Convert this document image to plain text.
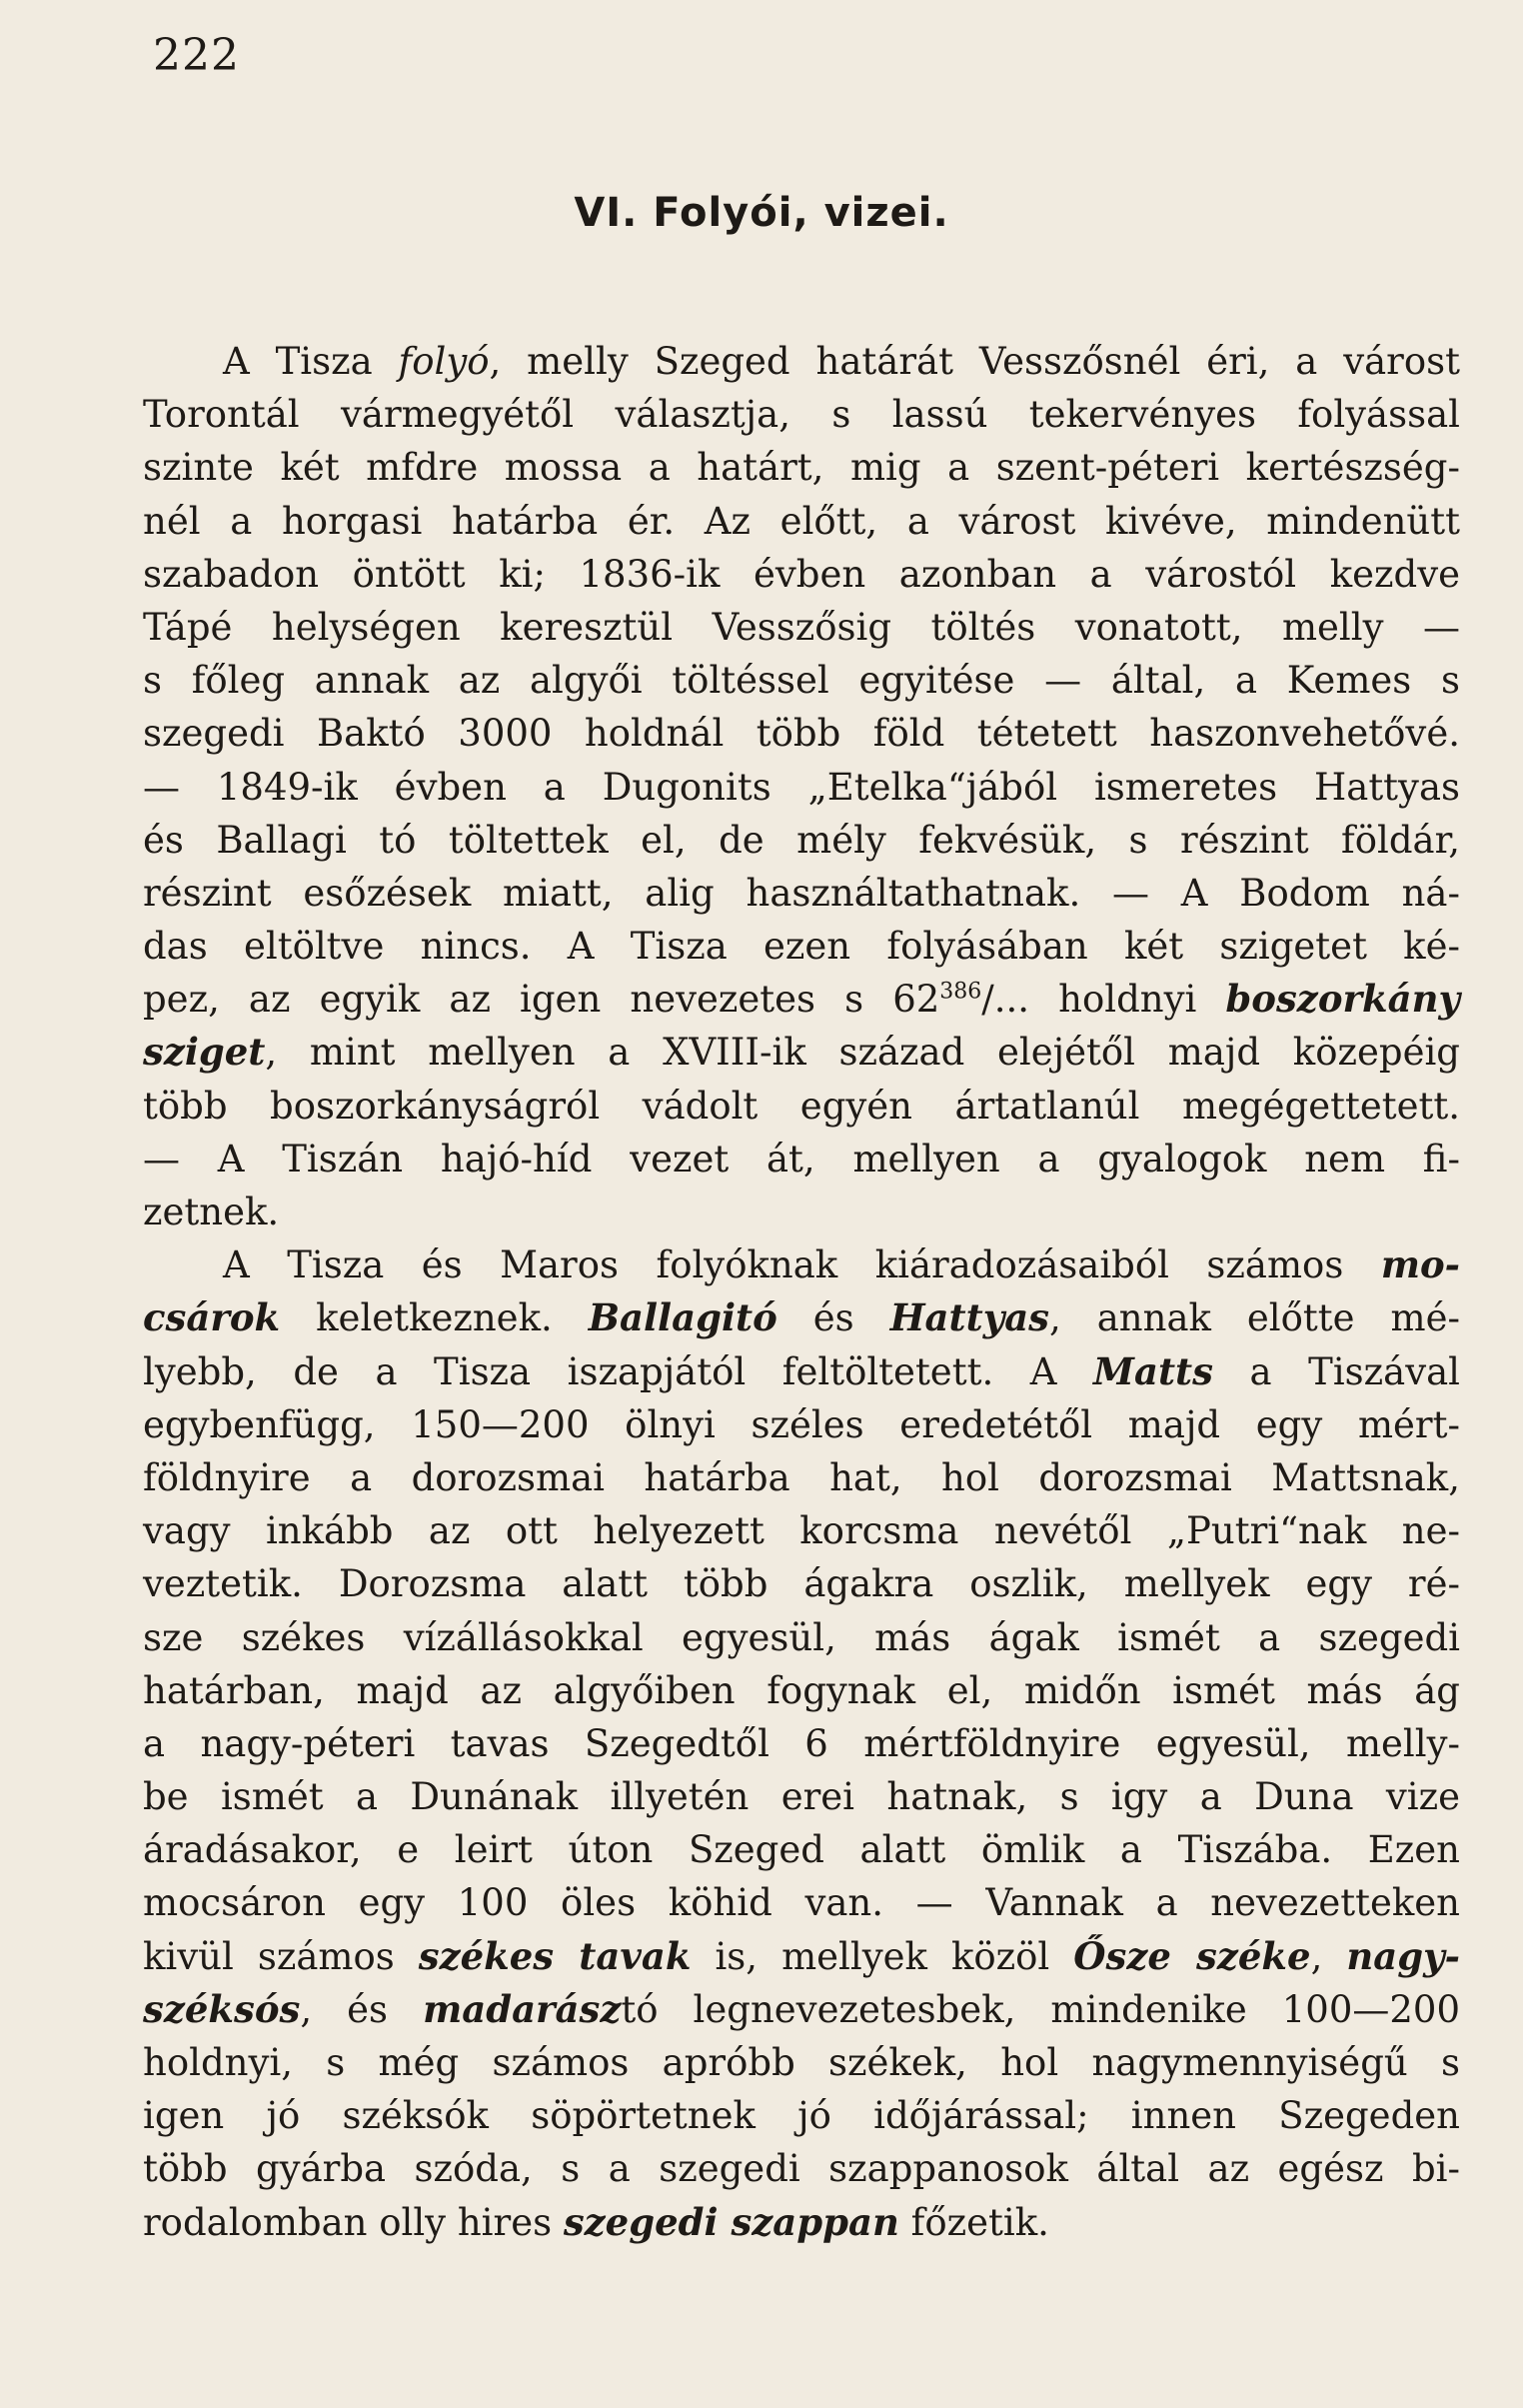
222
VI. Folyói, vizei.
A Tisza folyó, melly Szeged határát Vesszősnél éri, a várost
Torontál vármegyétől választja, s lassú tekervényes folyással
szinte két mfdre mossa a határt, mig a szent-péteri kertészség-
nél a horgasi határba ér. Az előtt, a várost kivéve, mindenütt
szabadon öntött ki; 1836-ik évben azonban a várostól kezdve
Tápé helységen keresztül Vesszősig töltés vonatott, melly —
s főleg annak az algyői töltéssel egyitése — által, a Kemes s
szegedi Baktó 3000 holdnál több föld tétetett haszonvehetővé.
— 1849-ik évben a Dugonits „Etelka“jából ismeretes Hattyas
és Ballagi tó töltettek el, de mély fekvésük, s részint földár,
részint esőzések miatt, alig használtathatnak. — A Bodom ná-
das eltöltve nincs. A Tisza ezen folyásában két szigetet ké-
pez, az egyik az igen nevezetes s $62^{386}/$... holdnyi boszorkány
sziget, mint mellyen a XVIII-ik század elejétől majd közepéig
több boszorkányságról vádolt egyén ártatlanúl megégettetett.
— A Tiszán hajó-híd vezet át, mellyen a gyalogok nem fi-
zetnek.
A Tisza és Maros folyóknak kiáradozásaiból számos mo-
csárok keletkeznek. Ballagitó és Hattyas, annak előtte mé-
lyebb, de a Tisza iszapjától feltöltetett. A Matts a Tiszával
egybenfügg, 150—200 ölnyi széles eredetétől majd egy mért-
földnyire a dorozsmai határba hat, hol dorozsmai Mattsnak,
vagy inkább az ott helyezett korcsma nevétől „Putri“nak ne-
veztetik. Dorozsma alatt több ágakra oszlik, mellyek egy ré-
sze székes vízállásokkal egyesül, más ágak ismét a szegedi
határban, majd az algyőiben fogynak el, midőn ismét más ág
a nagy-péteri tavas Szegedtől 6 mértföldnyire egyesül, melly-
be ismét a Dunának illyetén erei hatnak, s igy a Duna vize
áradásakor, e leirt úton Szeged alatt ömlik a Tiszába. Ezen
mocsáron egy 100 öles köhid van. — Vannak a nevezetteken
kivül számos székes tavak is, mellyek közöl Ősze széke, nagy-
széksós, és madarásztó legnevezetesbek, mindenike 100—200
holdnyi, s még számos apróbb székek, hol nagymennyiségű s
igen jó széksók söpörtetnek jó időjárással; innen Szegeden
több gyárba szóda, s a szegedi szappanosok által az egész bi-
rodalomban olly hires szegedi szappan főzetik.
